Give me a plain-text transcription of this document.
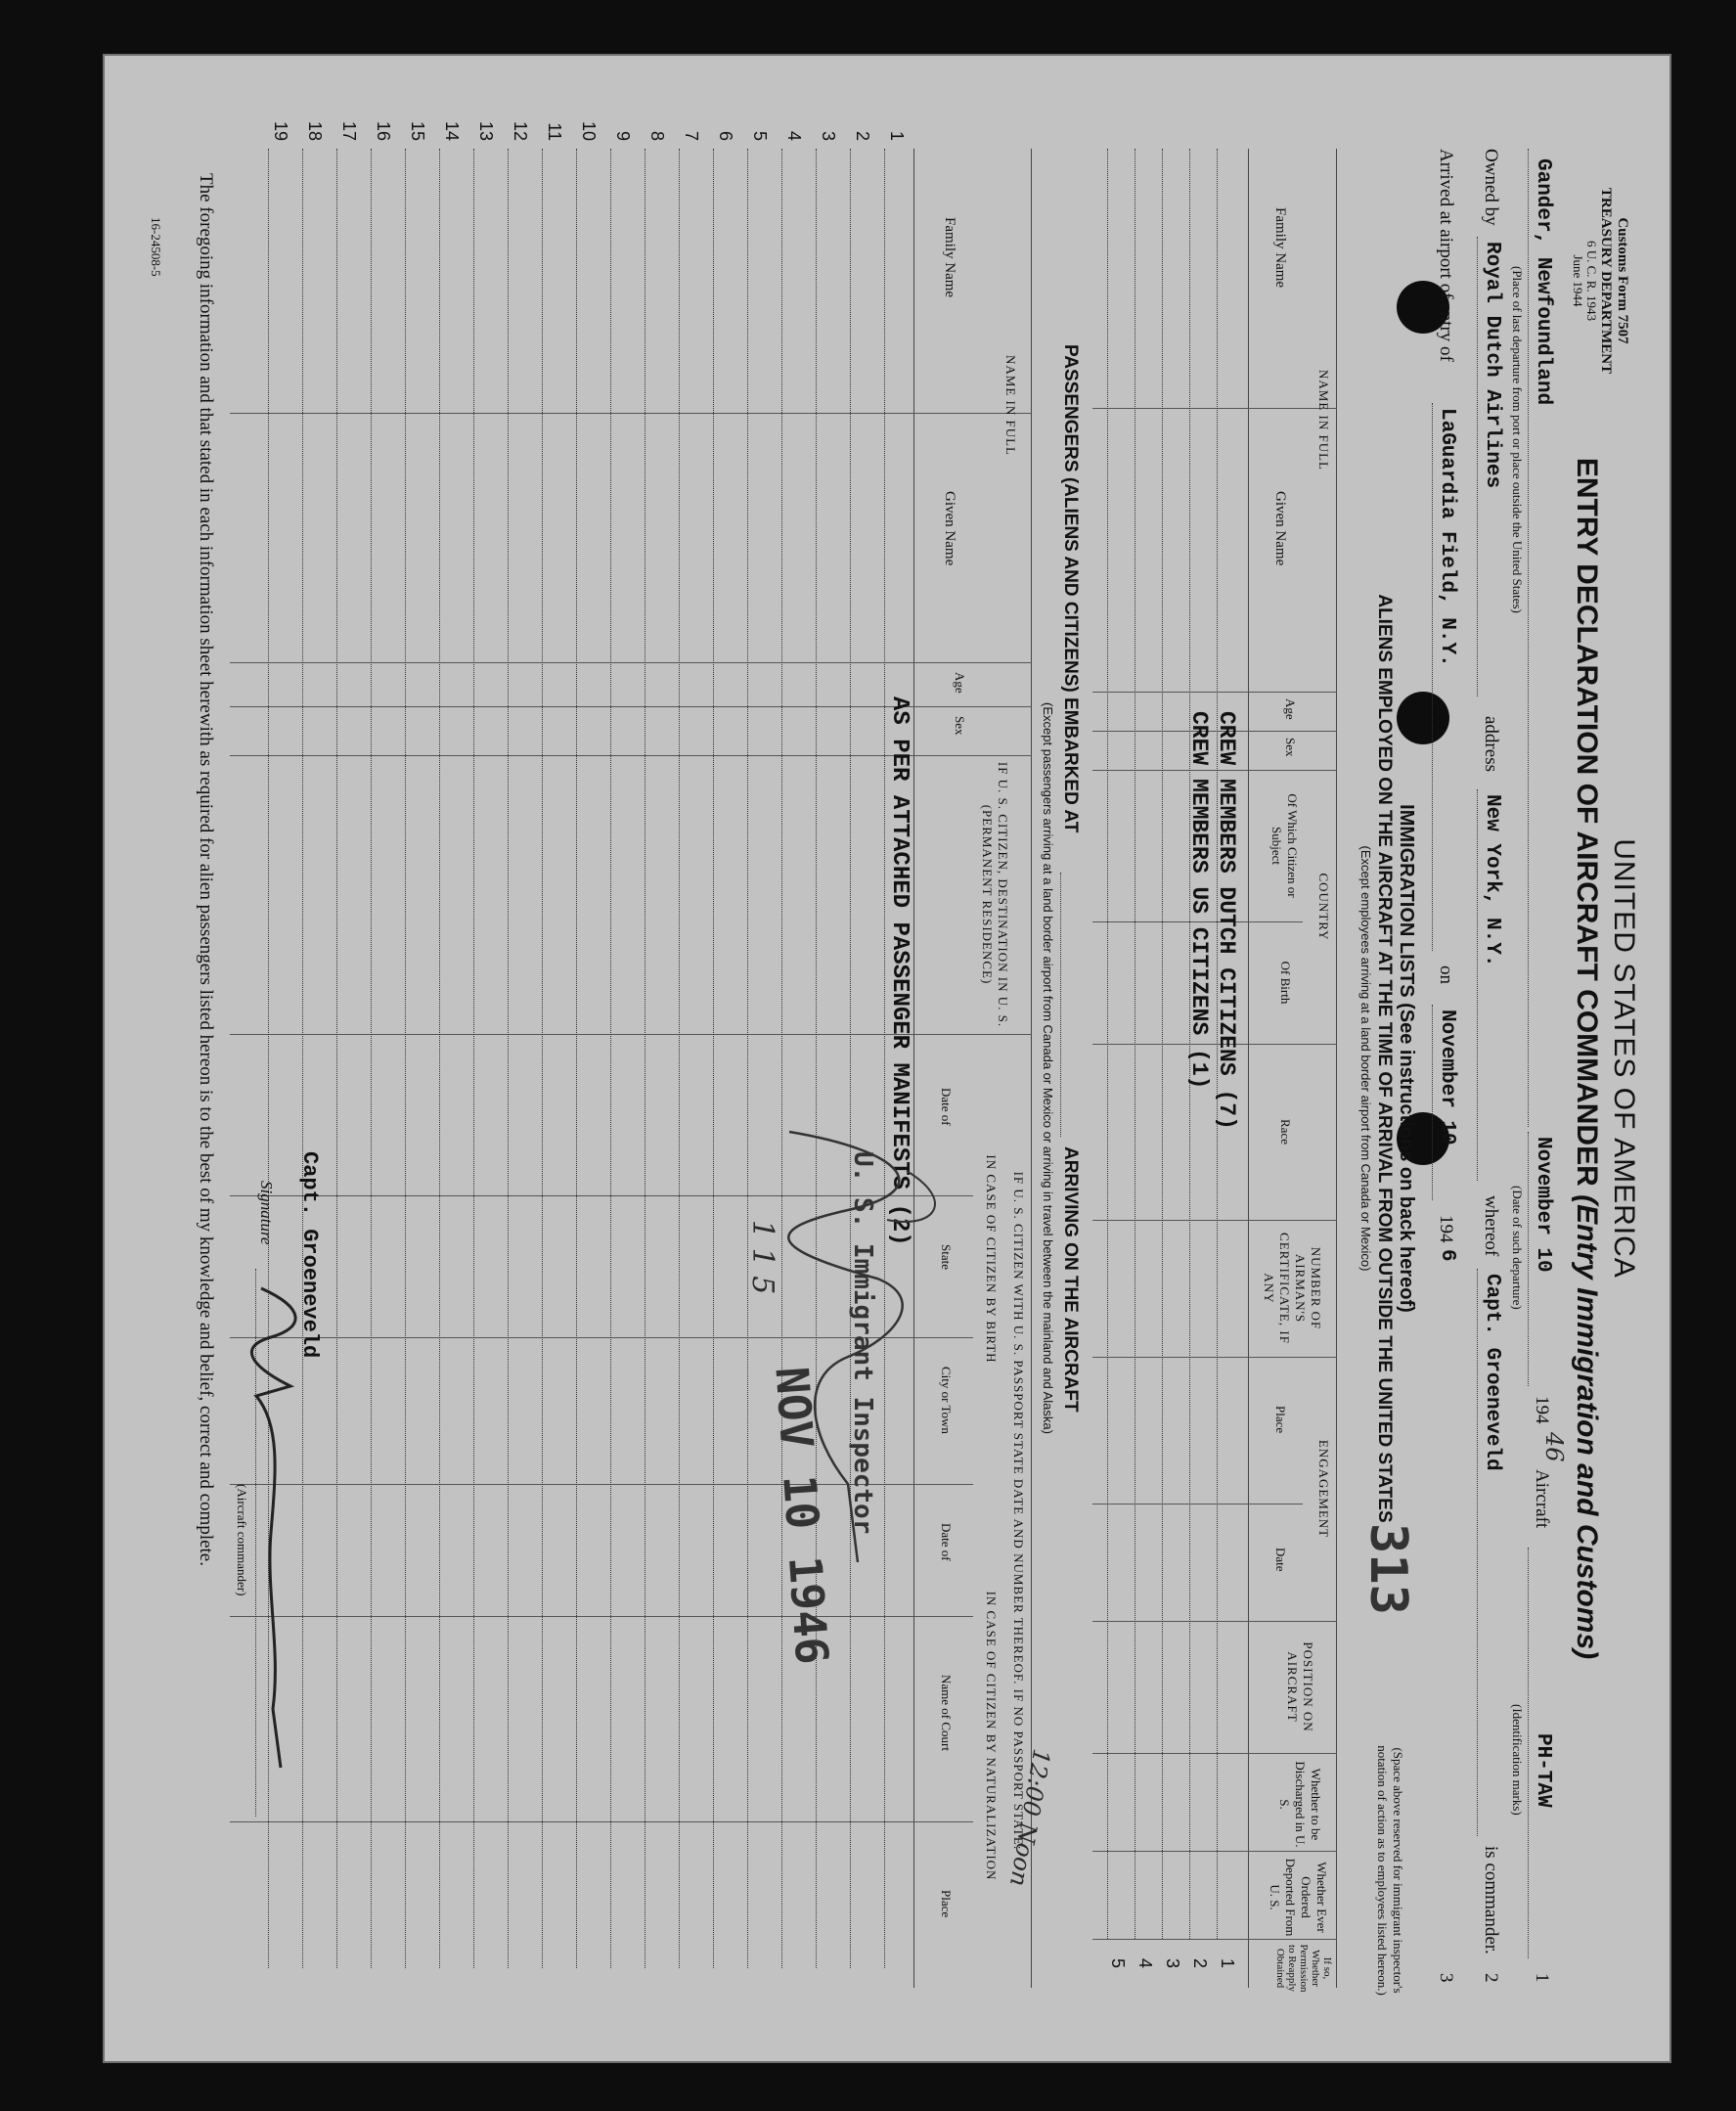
Customs Form 7507
TREASURY DEPARTMENT
6 U. C. R. 1943
June 1944
UNITED STATES OF AMERICA
ENTRY DECLARATION OF AIRCRAFT COMMANDER (Entry Immigration and Customs)
Gander, Newfoundland
November 10
194
46
Aircraft
PH-TAW
1
(Place of last departure from port or place outside the United States)
(Date of such departure)
(Identification marks)
Owned by
Royal Dutch Airlines
address
New York, N.Y.
whereof
Capt. Groeneveld
is commander.
2
Arrived at airport of entry of
LaGuardia Field, N.Y.
on
November 10
194
6
3
IMMIGRATION LISTS (See instructions on back hereof)
ALIENS EMPLOYED ON THE AIRCRAFT AT THE TIME OF ARRIVAL FROM OUTSIDE THE UNITED STATES
(Except employees arriving at a land border airport from Canada or Mexico)
313
(Space above reserved for immigrant inspector's notation of action as to employees listed hereon.)
NAME IN FULL
Family Name
Given Name
Age
Sex
COUNTRY
Of Which Citizen or Subject
Of Birth
Race
NUMBER OF AIRMAN'S CERTIFICATE, IF ANY
ENGAGEMENT
Place
Date
POSITION ON AIRCRAFT
Whether to be Discharged in U. S.
Whether Ever Ordered Deported From U. S.
If so, Whether Permission to Reapply Obtained
1
2
3
4
5
CREW MEMBERS DUTCH CITIZENS (7)
CREW MEMBERS US CITIZENS (1)
PASSENGERS (ALIENS AND CITIZENS) EMBARKED AT
ARRIVING ON THE AIRCRAFT
(Except passengers arriving at a land border airport from Canada or Mexico or arriving in travel between the mainland and Alaska)
NAME IN FULL
Family Name
Given Name
Age
Sex
IF U. S. CITIZEN, DESTINATION IN U. S. (PERMANENT RESIDENCE)
IF U. S. CITIZEN WITH U. S. PASSPORT STATE DATE AND NUMBER THEREOF. IF NO PASSPORT STATE:
IN CASE OF CITIZEN BY BIRTH
IN CASE OF CITIZEN BY NATURALIZATION
Date of
State
City or Town
Date of
Name of Court
Place
1
2
3
4
5
6
7
8
9
10
11
12
13
14
15
16
17
18
19
AS PER ATTACHED PASSENGER MANIFESTS (2)
The foregoing information and that stated in each information sheet herewith as required for alien passengers listed hereon is to the best of my knowledge and belief, correct and complete.
16-24508-5
Signature
(Aircraft commander)
Capt. Groeneveld	U. S. Immigrant Inspector
NOV 10 1946
1 1 5
12:00 Noon
